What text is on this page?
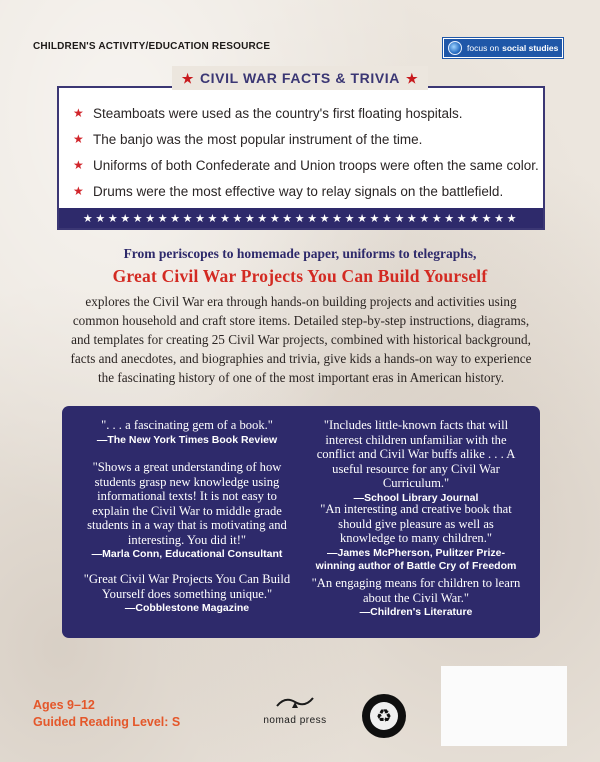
CHILDREN'S ACTIVITY/EDUCATION RESOURCE	focus on social studies
★ Steamboats were used as the country's first floating hospitals.
★ The banjo was the most popular instrument of the time.
★ Uniforms of both Confederate and Union troops were often the same color.
★ Drums were the most effective way to relay signals on the battlefield.
★★★★★★★★★★★★★★★★★★★★★★★★★★★★★★★★★★★
★ CIVIL WAR FACTS & TRIVIA ★
From periscopes to homemade paper, uniforms to telegraphs,
Great Civil War Projects You Can Build Yourself
explores the Civil War era through hands-on building projects and activities using common household and craft store items. Detailed step-by-step instructions, diagrams, and templates for creating 25 Civil War projects, combined with historical background, facts and anecdotes, and biographies and trivia, give kids a hands-on way to experience the fascinating history of one of the most important eras in American history.
". . . a fascinating gem of a book."
—The New York Times Book Review
"Shows a great understanding of how students grasp new knowledge using informational texts! It is not easy to explain the Civil War to middle grade students in a way that is motivating and interesting. You did it!"
—Marla Conn, Educational Consultant
"Great Civil War Projects You Can Build Yourself does something unique."
—Cobblestone Magazine
"Includes little-known facts that will interest children unfamiliar with the conflict and Civil War buffs alike . . . A useful resource for any Civil War Curriculum."
—School Library Journal
"An interesting and creative book that should give pleasure as well as knowledge to many children."
—James McPherson, Pulitzer Prize-winning author of Battle Cry of Freedom
"An engaging means for children to learn about the Civil War."
—Children's Literature
Ages 9–12
Guided Reading Level: S	nomad press	♻
